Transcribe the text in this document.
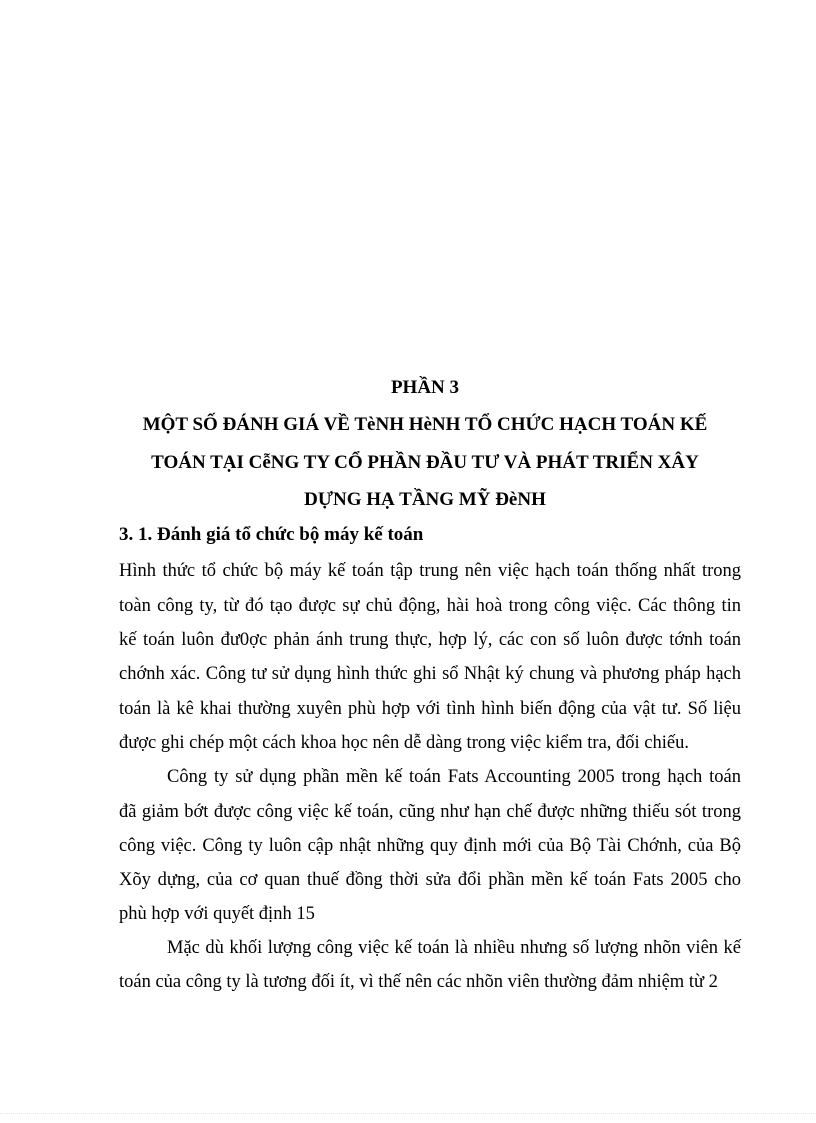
PHẦN 3
MỘT SỐ ĐÁNH GIÁ VỀ TèNH HèNH TỔ CHỨC HẠCH TOÁN KẾ
TOÁN TẠI CễNG TY CỔ PHẦN ĐẦU TƯ VÀ PHÁT TRIỂN XÂY
DỰNG HẠ TẦNG MỸ ĐèNH
3. 1. Đánh giá tổ chức bộ máy kế toán
Hình thức tổ chức bộ máy kế toán tập trung nên việc hạch toán thống nhất trong
toàn công ty, từ đó tạo được sự chủ động, hài hoà trong công việc. Các thông tin
kế toán luôn đư0ợc phản ánh trung thực, hợp lý, các con số luôn được tớnh toán
chớnh xác. Công tư sử dụng hình thức ghi sổ Nhật ký chung và phương pháp hạch
toán là kê khai thường xuyên phù hợp với tình hình biến động của vật tư. Số liệu
được ghi chép một cách khoa học nên dễ dàng trong việc kiểm tra, đối chiếu.
Công ty sử dụng phần mền kế toán Fats Accounting 2005 trong hạch toán
đã giảm bớt được công việc kế toán, cũng như hạn chế được những thiếu sót trong
công việc. Công ty luôn cập nhật những quy định mới của Bộ Tài Chớnh, của Bộ
Xõy dựng, của cơ quan thuế đồng thời sửa đổi phần mền kế toán Fats 2005 cho
phù hợp với quyết định 15
Mặc dù khối lượng công việc kế toán là nhiều nhưng số lượng nhõn viên kế
toán của công ty là tương đối ít, vì thế nên các nhõn viên thường đảm nhiệm từ 2
